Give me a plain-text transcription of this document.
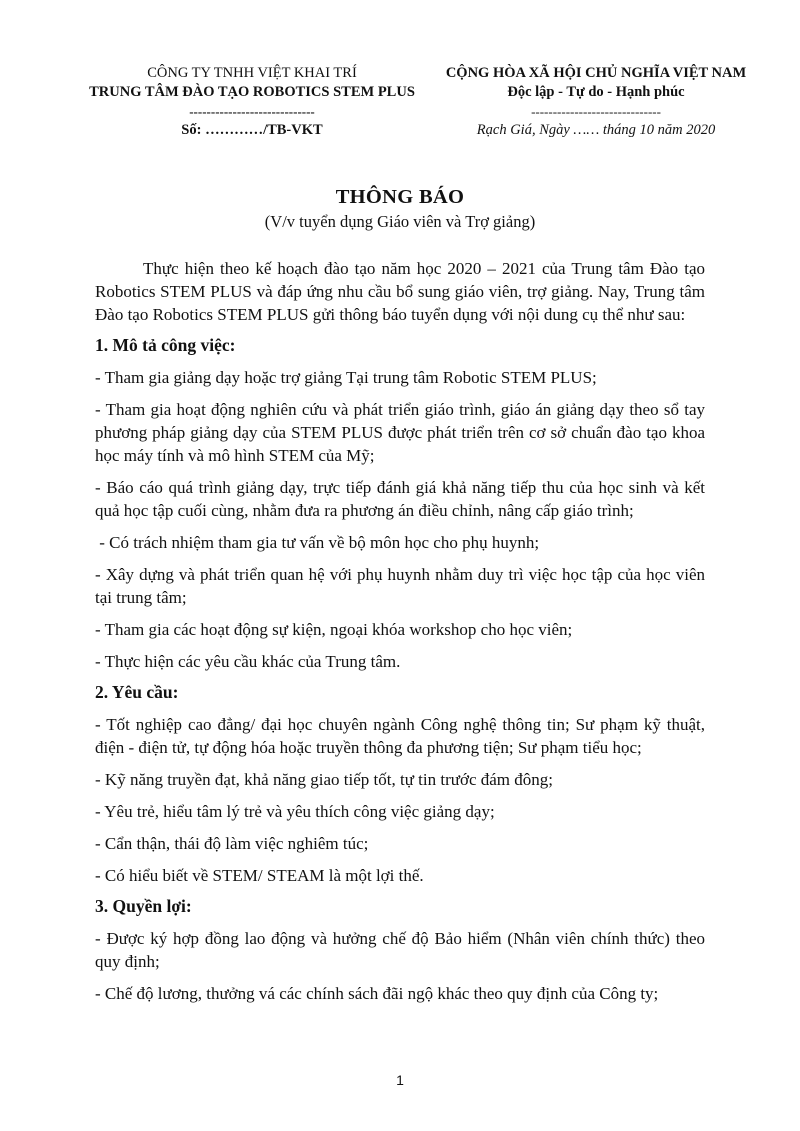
CÔNG TY TNHH VIỆT KHAI TRÍ
TRUNG TÂM ĐÀO TẠO ROBOTICS STEM PLUS
-----------------------------
Số: …………/TB-VKT
CỘNG HÒA XÃ HỘI CHỦ NGHĨA VIỆT NAM
Độc lập - Tự do - Hạnh phúc
------------------------------
Rạch Giá, Ngày …… tháng 10 năm 2020
THÔNG BÁO
(V/v tuyển dụng Giáo viên và Trợ giảng)

Thực hiện theo kế hoạch đào tạo năm học 2020 – 2021 của Trung tâm Đào tạo Robotics STEM PLUS và đáp ứng nhu cầu bổ sung giáo viên, trợ giảng. Nay, Trung tâm Đào tạo Robotics STEM PLUS gửi thông báo tuyển dụng với nội dung cụ thể như sau:

1. Mô tả công việc:

- Tham gia giảng dạy hoặc trợ giảng Tại trung tâm Robotic STEM PLUS;

- Tham gia hoạt động nghiên cứu và phát triển giáo trình, giáo án giảng dạy theo sổ tay phương pháp giảng dạy của STEM PLUS được phát triển trên cơ sở chuẩn đào tạo khoa học máy tính và mô hình STEM của Mỹ;

- Báo cáo quá trình giảng dạy, trực tiếp đánh giá khả năng tiếp thu của học sinh và kết quả học tập cuối cùng, nhằm đưa ra phương án điều chỉnh, nâng cấp giáo trình;

- Có trách nhiệm tham gia tư vấn về bộ môn học cho phụ huynh;

- Xây dựng và phát triển quan hệ với phụ huynh nhằm duy trì việc học tập của học viên tại trung tâm;

- Tham gia các hoạt động sự kiện, ngoại khóa workshop cho học viên;

- Thực hiện các yêu cầu khác của Trung tâm.

2. Yêu cầu:

- Tốt nghiệp cao đẳng/ đại học chuyên ngành Công nghệ thông tin; Sư phạm kỹ thuật, điện - điện tử, tự động hóa hoặc truyền thông đa phương tiện; Sư phạm tiểu học;

- Kỹ năng truyền đạt, khả năng giao tiếp tốt, tự tin trước đám đông;

- Yêu trẻ, hiểu tâm lý trẻ và yêu thích công việc giảng dạy;

- Cẩn thận, thái độ làm việc nghiêm túc;

- Có hiểu biết về STEM/ STEAM là một lợi thế.

3. Quyền lợi:

- Được ký hợp đồng lao động và hưởng chế độ Bảo hiểm (Nhân viên chính thức) theo quy định;

- Chế độ lương, thưởng vá các chính sách đãi ngộ khác theo quy định của Công ty;

1
